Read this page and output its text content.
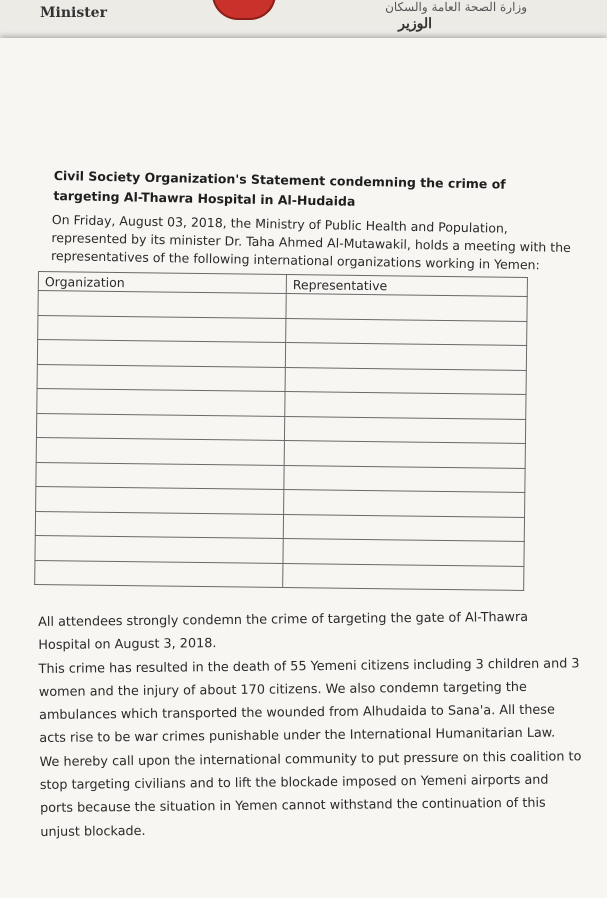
Minister	وزارة الصحة العامة والسكان
الوزير
Civil Society Organization's Statement condemning the crime of targeting Al-Thawra Hospital in Al-Hudaida

On Friday, August 03, 2018, the Ministry of Public Health and Population, represented by its minister Dr. Taha Ahmed Al-Mutawakil, holds a meeting with the representatives of the following international organizations working in Yemen:

Organization	Representative

All attendees strongly condemn the crime of targeting the gate of Al-Thawra Hospital on August 3, 2018.

This crime has resulted in the death of 55 Yemeni citizens including 3 children and 3 women and the injury of about 170 citizens. We also condemn targeting the ambulances which transported the wounded from Alhudaida to Sana'a. All these acts rise to be war crimes punishable under the International Humanitarian Law.

We hereby call upon the international community to put pressure on this coalition to stop targeting civilians and to lift the blockade imposed on Yemeni airports and ports because the situation in Yemen cannot withstand the continuation of this unjust blockade.
